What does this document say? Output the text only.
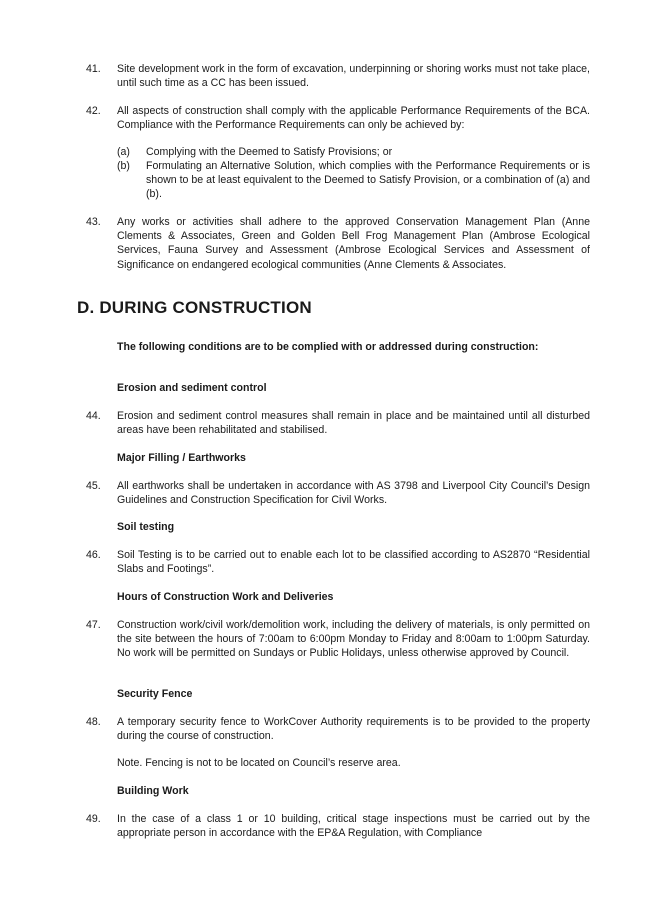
41. Site development work in the form of excavation, underpinning or shoring works must not take place, until such time as a CC has been issued.
42. All aspects of construction shall comply with the applicable Performance Requirements of the BCA. Compliance with the Performance Requirements can only be achieved by:
(a) Complying with the Deemed to Satisfy Provisions; or
(b) Formulating an Alternative Solution, which complies with the Performance Requirements or is shown to be at least equivalent to the Deemed to Satisfy Provision, or a combination of (a) and (b).
43. Any works or activities shall adhere to the approved Conservation Management Plan (Anne Clements & Associates, Green and Golden Bell Frog Management Plan (Ambrose Ecological Services, Fauna Survey and Assessment (Ambrose Ecological Services and Assessment of Significance on endangered ecological communities (Anne Clements & Associates.
D. DURING CONSTRUCTION
The following conditions are to be complied with or addressed during construction:
Erosion and sediment control
44. Erosion and sediment control measures shall remain in place and be maintained until all disturbed areas have been rehabilitated and stabilised.
Major Filling / Earthworks
45. All earthworks shall be undertaken in accordance with AS 3798 and Liverpool City Council’s Design Guidelines and Construction Specification for Civil Works.
Soil testing
46. Soil Testing is to be carried out to enable each lot to be classified according to AS2870 “Residential Slabs and Footings”.
Hours of Construction Work and Deliveries
47. Construction work/civil work/demolition work, including the delivery of materials, is only permitted on the site between the hours of 7:00am to 6:00pm Monday to Friday and 8:00am to 1:00pm Saturday. No work will be permitted on Sundays or Public Holidays, unless otherwise approved by Council.
Security Fence
48. A temporary security fence to WorkCover Authority requirements is to be provided to the property during the course of construction.
Note. Fencing is not to be located on Council’s reserve area.
Building Work
49. In the case of a class 1 or 10 building, critical stage inspections must be carried out by the appropriate person in accordance with the EP&A Regulation, with Compliance
